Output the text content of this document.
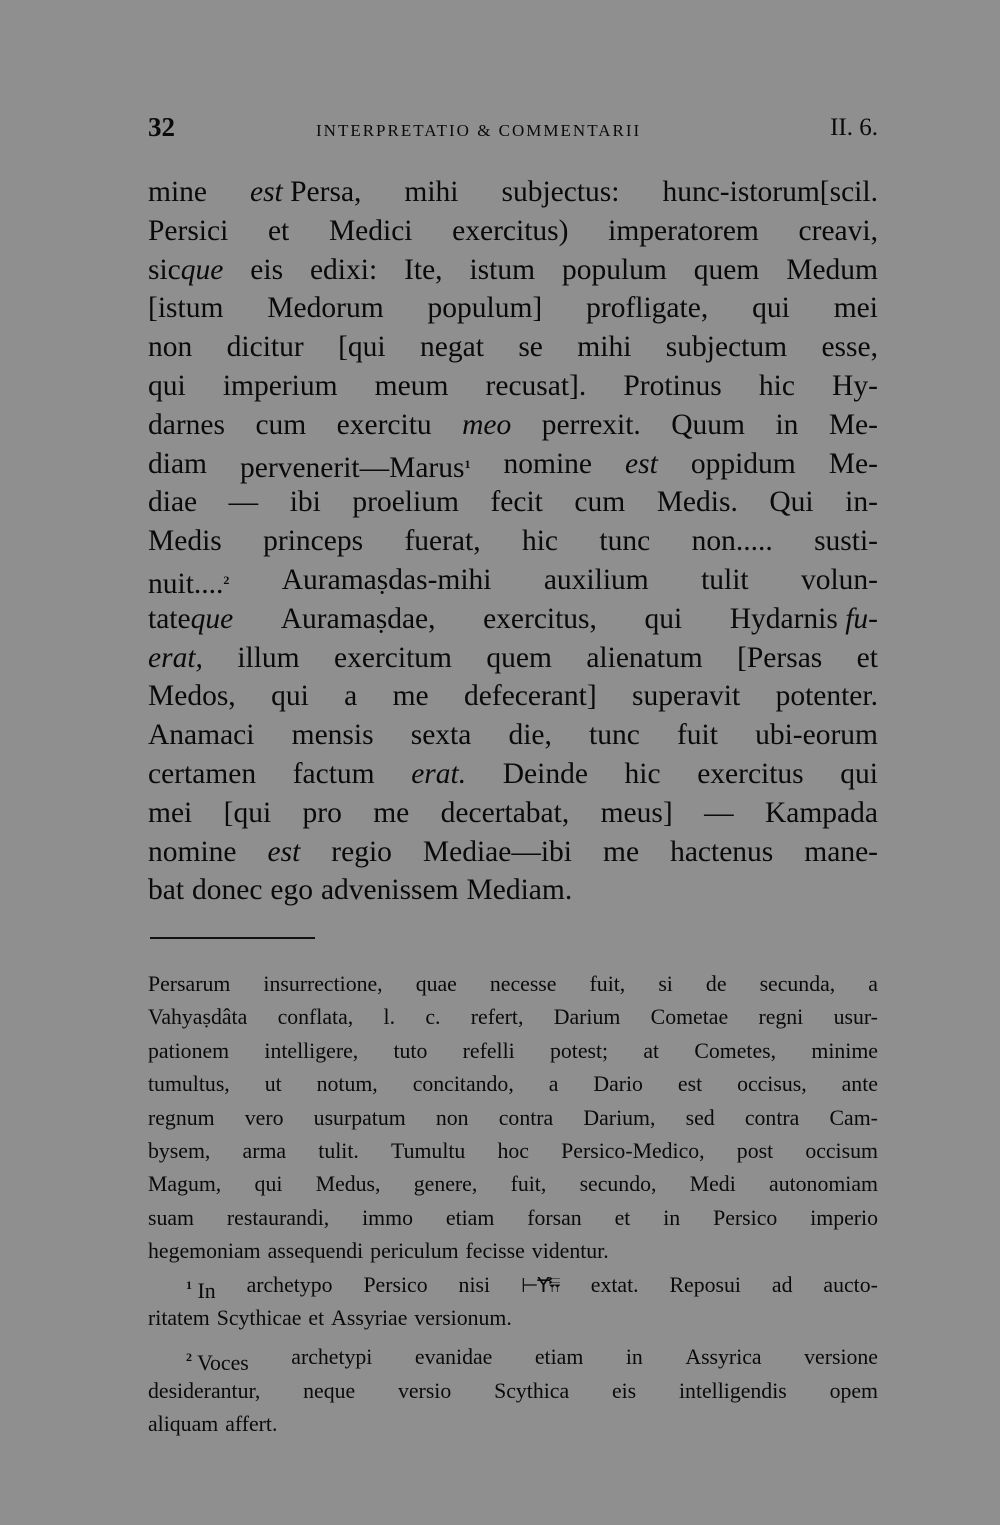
32	INTERPRETATIO & COMMENTARII	II. 6.
mine est Persa, mihi subjectus: hunc-istorum[scil.
Persici et Medici exercitus) imperatorem creavi,
sicque eis edixi: Ite, istum populum quem Medum
[istum Medorum populum] profligate, qui mei
non dicitur [qui negat se mihi subjectum esse,
qui imperium meum recusat]. Protinus hic Hy-
darnes cum exercitu meo perrexit. Quum in Me-
diam pervenerit—Marus$^1$ nomine est oppidum Me-
diae — ibi proelium fecit cum Medis. Qui in-
Medis princeps fuerat, hic tunc non..... susti-
nuit....$^2$ Auramaṣdas-mihi auxilium tulit volun-
tateque Auramaṣdae, exercitus, qui Hydarnis fu-
erat, illum exercitum quem alienatum [Persas et
Medos, qui a me defecerant] superavit potenter.
Anamaci mensis sexta die, tunc fuit ubi-eorum
certamen factum erat. Deinde hic exercitus qui
mei [qui pro me decertabat, meus] — Kampada
nomine est regio Mediae—ibi me hactenus mane-
bat donec ego advenissem Mediam.
Persarum insurrectione, quae necesse fuit, si de secunda, a
Vahyaṣdâta conflata, l. c. refert, Darium Cometae regni usur-
pationem intelligere, tuto refelli potest; at Cometes, minime
tumultus, ut notum, concitando, a Dario est occisus, ante
regnum vero usurpatum non contra Darium, sed contra Cam-
bysem, arma tulit. Tumultu hoc Persico-Medico, post occisum
Magum, qui Medus, genere, fuit, secundo, Medi autonomiam
suam restaurandi, immo etiam forsan et in Persico imperio
hegemoniam assequendi periculum fecisse videntur.
$^1$ In archetypo Persico nisi ⊢Ɏ𐏂 extat. Reposui ad aucto-
ritatem Scythicae et Assyriae versionum.
$^2$ Voces archetypi evanidae etiam in Assyrica versione
desiderantur, neque versio Scythica eis intelligendis opem
aliquam affert.
